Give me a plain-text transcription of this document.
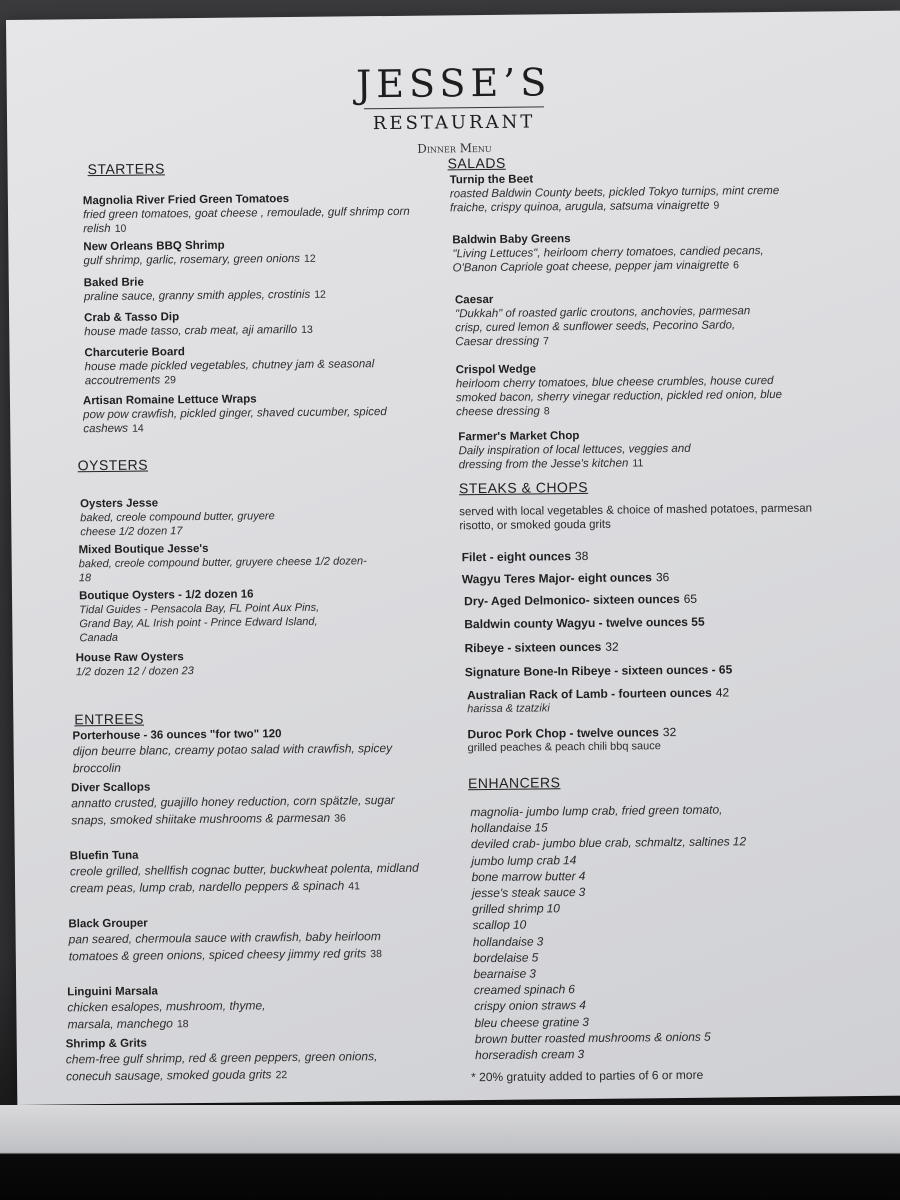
JESSE’S
RESTAURANT
Dinner Menu
STARTERS
Magnolia River Fried Green Tomatoes
fried green tomatoes, goat cheese , remoulade, gulf shrimp corn relish 10
New Orleans BBQ Shrimp
gulf shrimp, garlic, rosemary, green onions 12
Baked Brie
praline sauce, granny smith apples, crostinis 12
Crab & Tasso Dip
house made tasso, crab meat, aji amarillo 13
Charcuterie Board
house made pickled vegetables, chutney jam & seasonal accoutrements 29
Artisan Romaine Lettuce Wraps
pow pow crawfish, pickled ginger, shaved cucumber, spiced cashews 14
OYSTERS
Oysters Jesse
baked, creole compound butter, gruyere cheese 1/2 dozen 17
Mixed Boutique Jesse's
baked, creole compound butter, gruyere cheese 1/2 dozen- 18
Boutique Oysters - 1/2 dozen 16
Tidal Guides - Pensacola Bay, FL Point Aux Pins, Grand Bay, AL Irish point - Prince Edward Island, Canada
House Raw Oysters
1/2 dozen 12 / dozen 23
ENTREES
Porterhouse - 36 ounces "for two" 120
dijon beurre blanc, creamy potao salad with crawfish, spicey broccolin
Diver Scallops
annatto crusted, guajillo honey reduction, corn spätzle, sugar snaps, smoked shiitake mushrooms & parmesan 36
Bluefin Tuna
creole grilled, shellfish cognac butter, buckwheat polenta, midland cream peas, lump crab, nardello peppers & spinach 41
Black Grouper
pan seared, chermoula sauce with crawfish, baby heirloom tomatoes & green onions, spiced cheesy jimmy red grits 38
Linguini Marsala
chicken esalopes, mushroom, thyme, marsala, manchego 18
Shrimp & Grits
chem-free gulf shrimp, red & green peppers, green onions, conecuh sausage, smoked gouda grits 22
SALADS
Turnip the Beet
roasted Baldwin County beets, pickled Tokyo turnips, mint creme fraiche, crispy quinoa, arugula, satsuma vinaigrette 9
Baldwin Baby Greens
"Living Lettuces", heirloom cherry tomatoes, candied pecans, O'Banon Capriole goat cheese, pepper jam vinaigrette 6
Caesar
"Dukkah" of roasted garlic croutons, anchovies, parmesan crisp, cured lemon & sunflower seeds, Pecorino Sardo, Caesar dressing 7
Crispol Wedge
heirloom cherry tomatoes, blue cheese crumbles, house cured smoked bacon, sherry vinegar reduction, pickled red onion, blue cheese dressing 8
Farmer's Market Chop
Daily inspiration of local lettuces, veggies and dressing from the Jesse's kitchen 11
STEAKS & CHOPS
served with local vegetables & choice of mashed potatoes, parmesan risotto, or smoked gouda grits
Filet - eight ounces 38
Wagyu Teres Major- eight ounces 36
Dry- Aged Delmonico- sixteen ounces 65
Baldwin county Wagyu - twelve ounces 55
Ribeye - sixteen ounces 32
Signature Bone-In Ribeye - sixteen ounces - 65
Australian Rack of Lamb - fourteen ounces 42
harissa & tzatziki
Duroc Pork Chop - twelve ounces 32
grilled peaches & peach chili bbq sauce
ENHANCERS
magnolia- jumbo lump crab, fried green tomato,
hollandaise 15
deviled crab- jumbo blue crab, schmaltz, saltines 12
jumbo lump crab 14
bone marrow butter 4
jesse's steak sauce 3
grilled shrimp 10
scallop 10
hollandaise 3
bordelaise 5
bearnaise 3
creamed spinach 6
crispy onion straws 4
bleu cheese gratine 3
brown butter roasted mushrooms & onions 5
horseradish cream 3
* 20% gratuity added to parties of 6 or more
